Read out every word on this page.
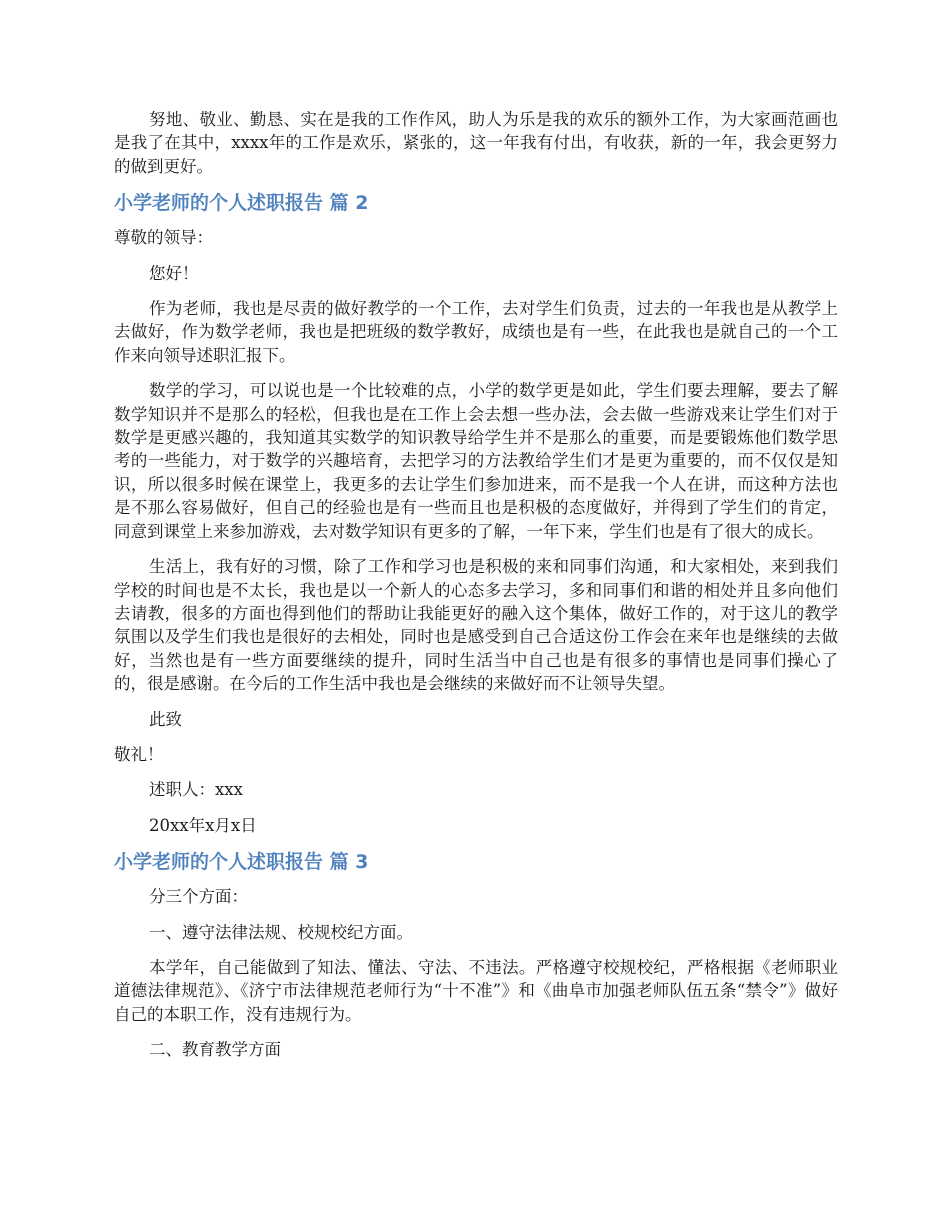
努地、敬业、勤恳、实在是我的工作作风，助人为乐是我的欢乐的额外工作，为大家画范画也是我了在其中，xxxx年的工作是欢乐，紧张的，这一年我有付出，有收获，新的一年，我会更努力的做到更好。

小学老师的个人述职报告 篇 2

尊敬的领导：

您好！

作为老师，我也是尽责的做好教学的一个工作，去对学生们负责，过去的一年我也是从教学上去做好，作为数学老师，我也是把班级的数学教好，成绩也是有一些，在此我也是就自己的一个工作来向领导述职汇报下。

数学的学习，可以说也是一个比较难的点，小学的数学更是如此，学生们要去理解，要去了解数学知识并不是那么的轻松，但我也是在工作上会去想一些办法，会去做一些游戏来让学生们对于数学是更感兴趣的，我知道其实数学的知识教导给学生并不是那么的重要，而是要锻炼他们数学思考的一些能力，对于数学的兴趣培育，去把学习的方法教给学生们才是更为重要的，而不仅仅是知识，所以很多时候在课堂上，我更多的去让学生们参加进来，而不是我一个人在讲，而这种方法也是不那么容易做好，但自己的经验也是有一些而且也是积极的态度做好，并得到了学生们的肯定，同意到课堂上来参加游戏，去对数学知识有更多的了解，一年下来，学生们也是有了很大的成长。

生活上，我有好的习惯，除了工作和学习也是积极的来和同事们沟通，和大家相处，来到我们学校的时间也是不太长，我也是以一个新人的心态多去学习，多和同事们和谐的相处并且多向他们去请教，很多的方面也得到他们的帮助让我能更好的融入这个集体，做好工作的，对于这儿的教学氛围以及学生们我也是很好的去相处，同时也是感受到自己合适这份工作会在来年也是继续的去做好，当然也是有一些方面要继续的提升，同时生活当中自己也是有很多的事情也是同事们操心了的，很是感谢。在今后的工作生活中我也是会继续的来做好而不让领导失望。

此致

敬礼！

述职人：xxx

20xx年x月x日

小学老师的个人述职报告 篇 3

分三个方面：

一、遵守法律法规、校规校纪方面。

本学年，自己能做到了知法、懂法、守法、不违法。严格遵守校规校纪，严格根据《老师职业道德法律规范》、《济宁市法律规范老师行为“十不准”》和《曲阜市加强老师队伍五条“禁令”》做好自己的本职工作，没有违规行为。

二、教育教学方面
